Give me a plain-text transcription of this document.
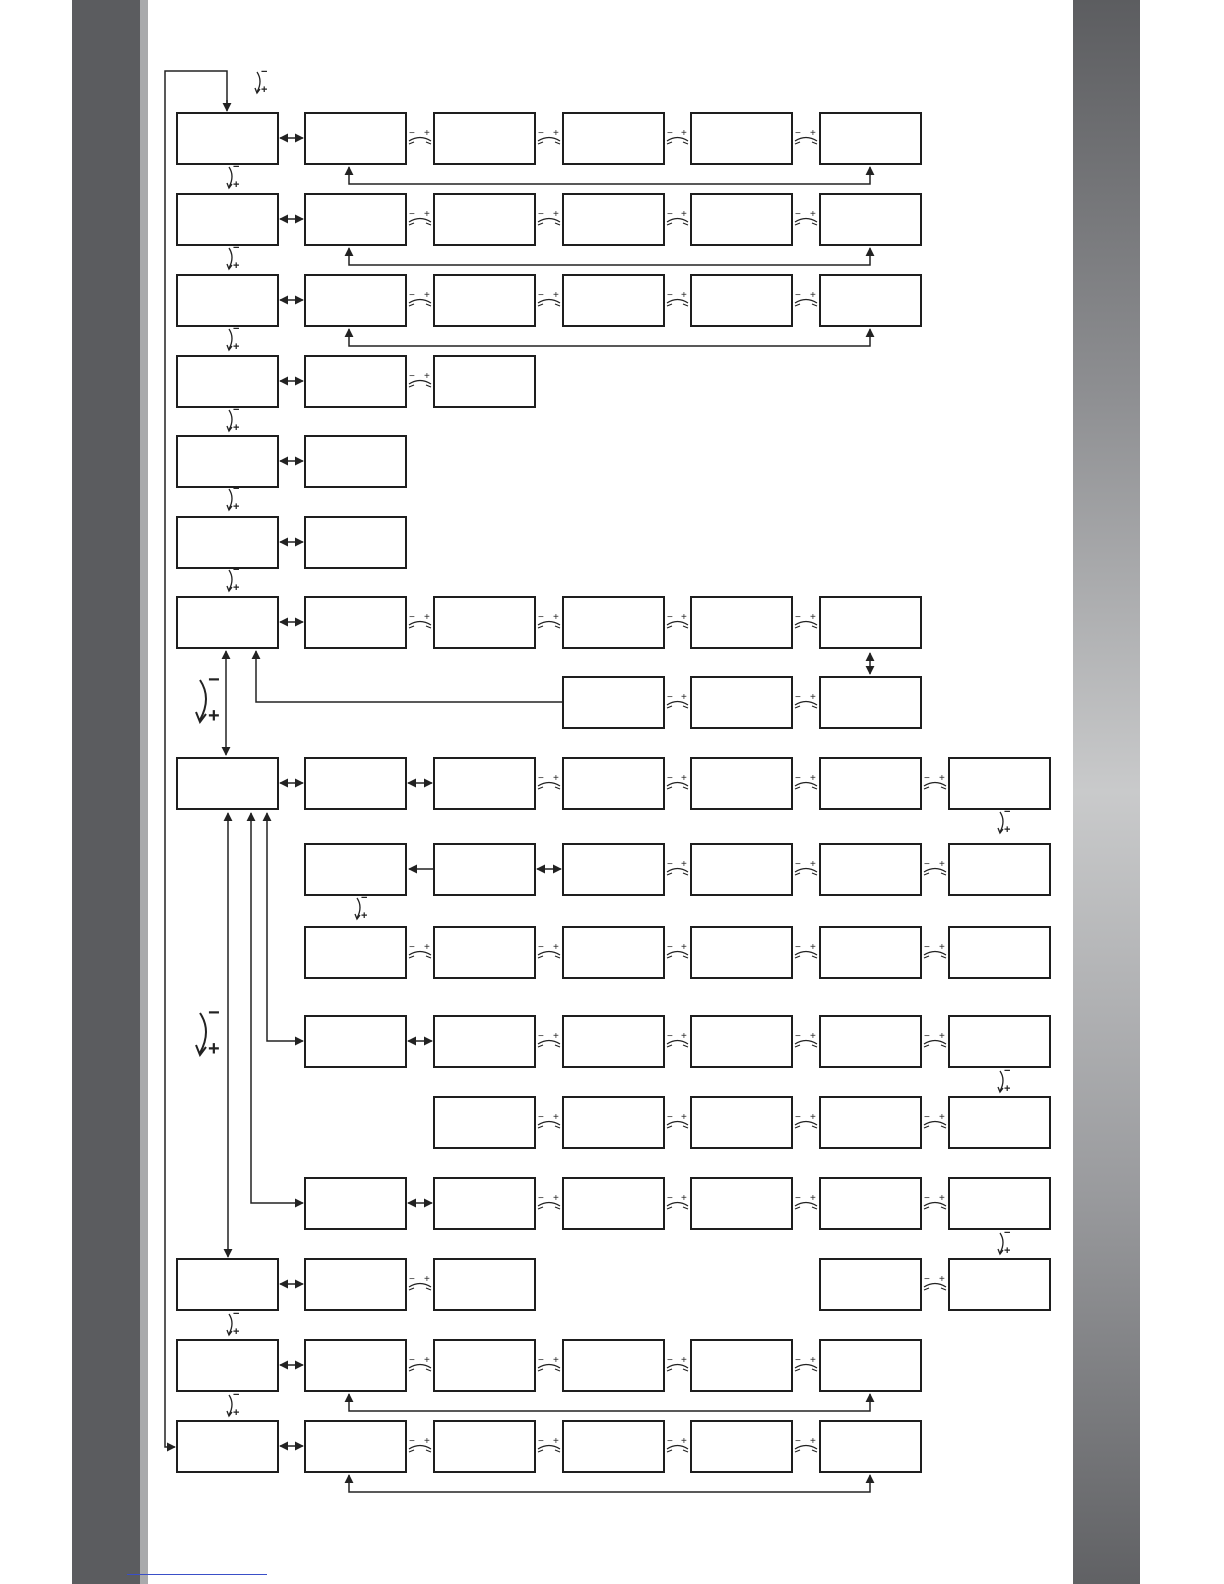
− +	− +	− +	− +
− +	− +	− +	− +
− +	− +	− +	− +
− +
− +	− +	− +	− +
− +	− +
−
+
− +	− +	− +	− +
−
+
− +	− +	− +
−
+
− +	− +	− +	− +	− +
− +	− +	− +	− +
−
+
− +	− +	− +	− +
− +	− +	− +	− +
−
+
−
+
− +	− +
− +	− +	− +	− +
− +	− +	− +	− +
−
+
−
+
−
+
−
+
−
+
−
+
−
+
−
+
−
+
